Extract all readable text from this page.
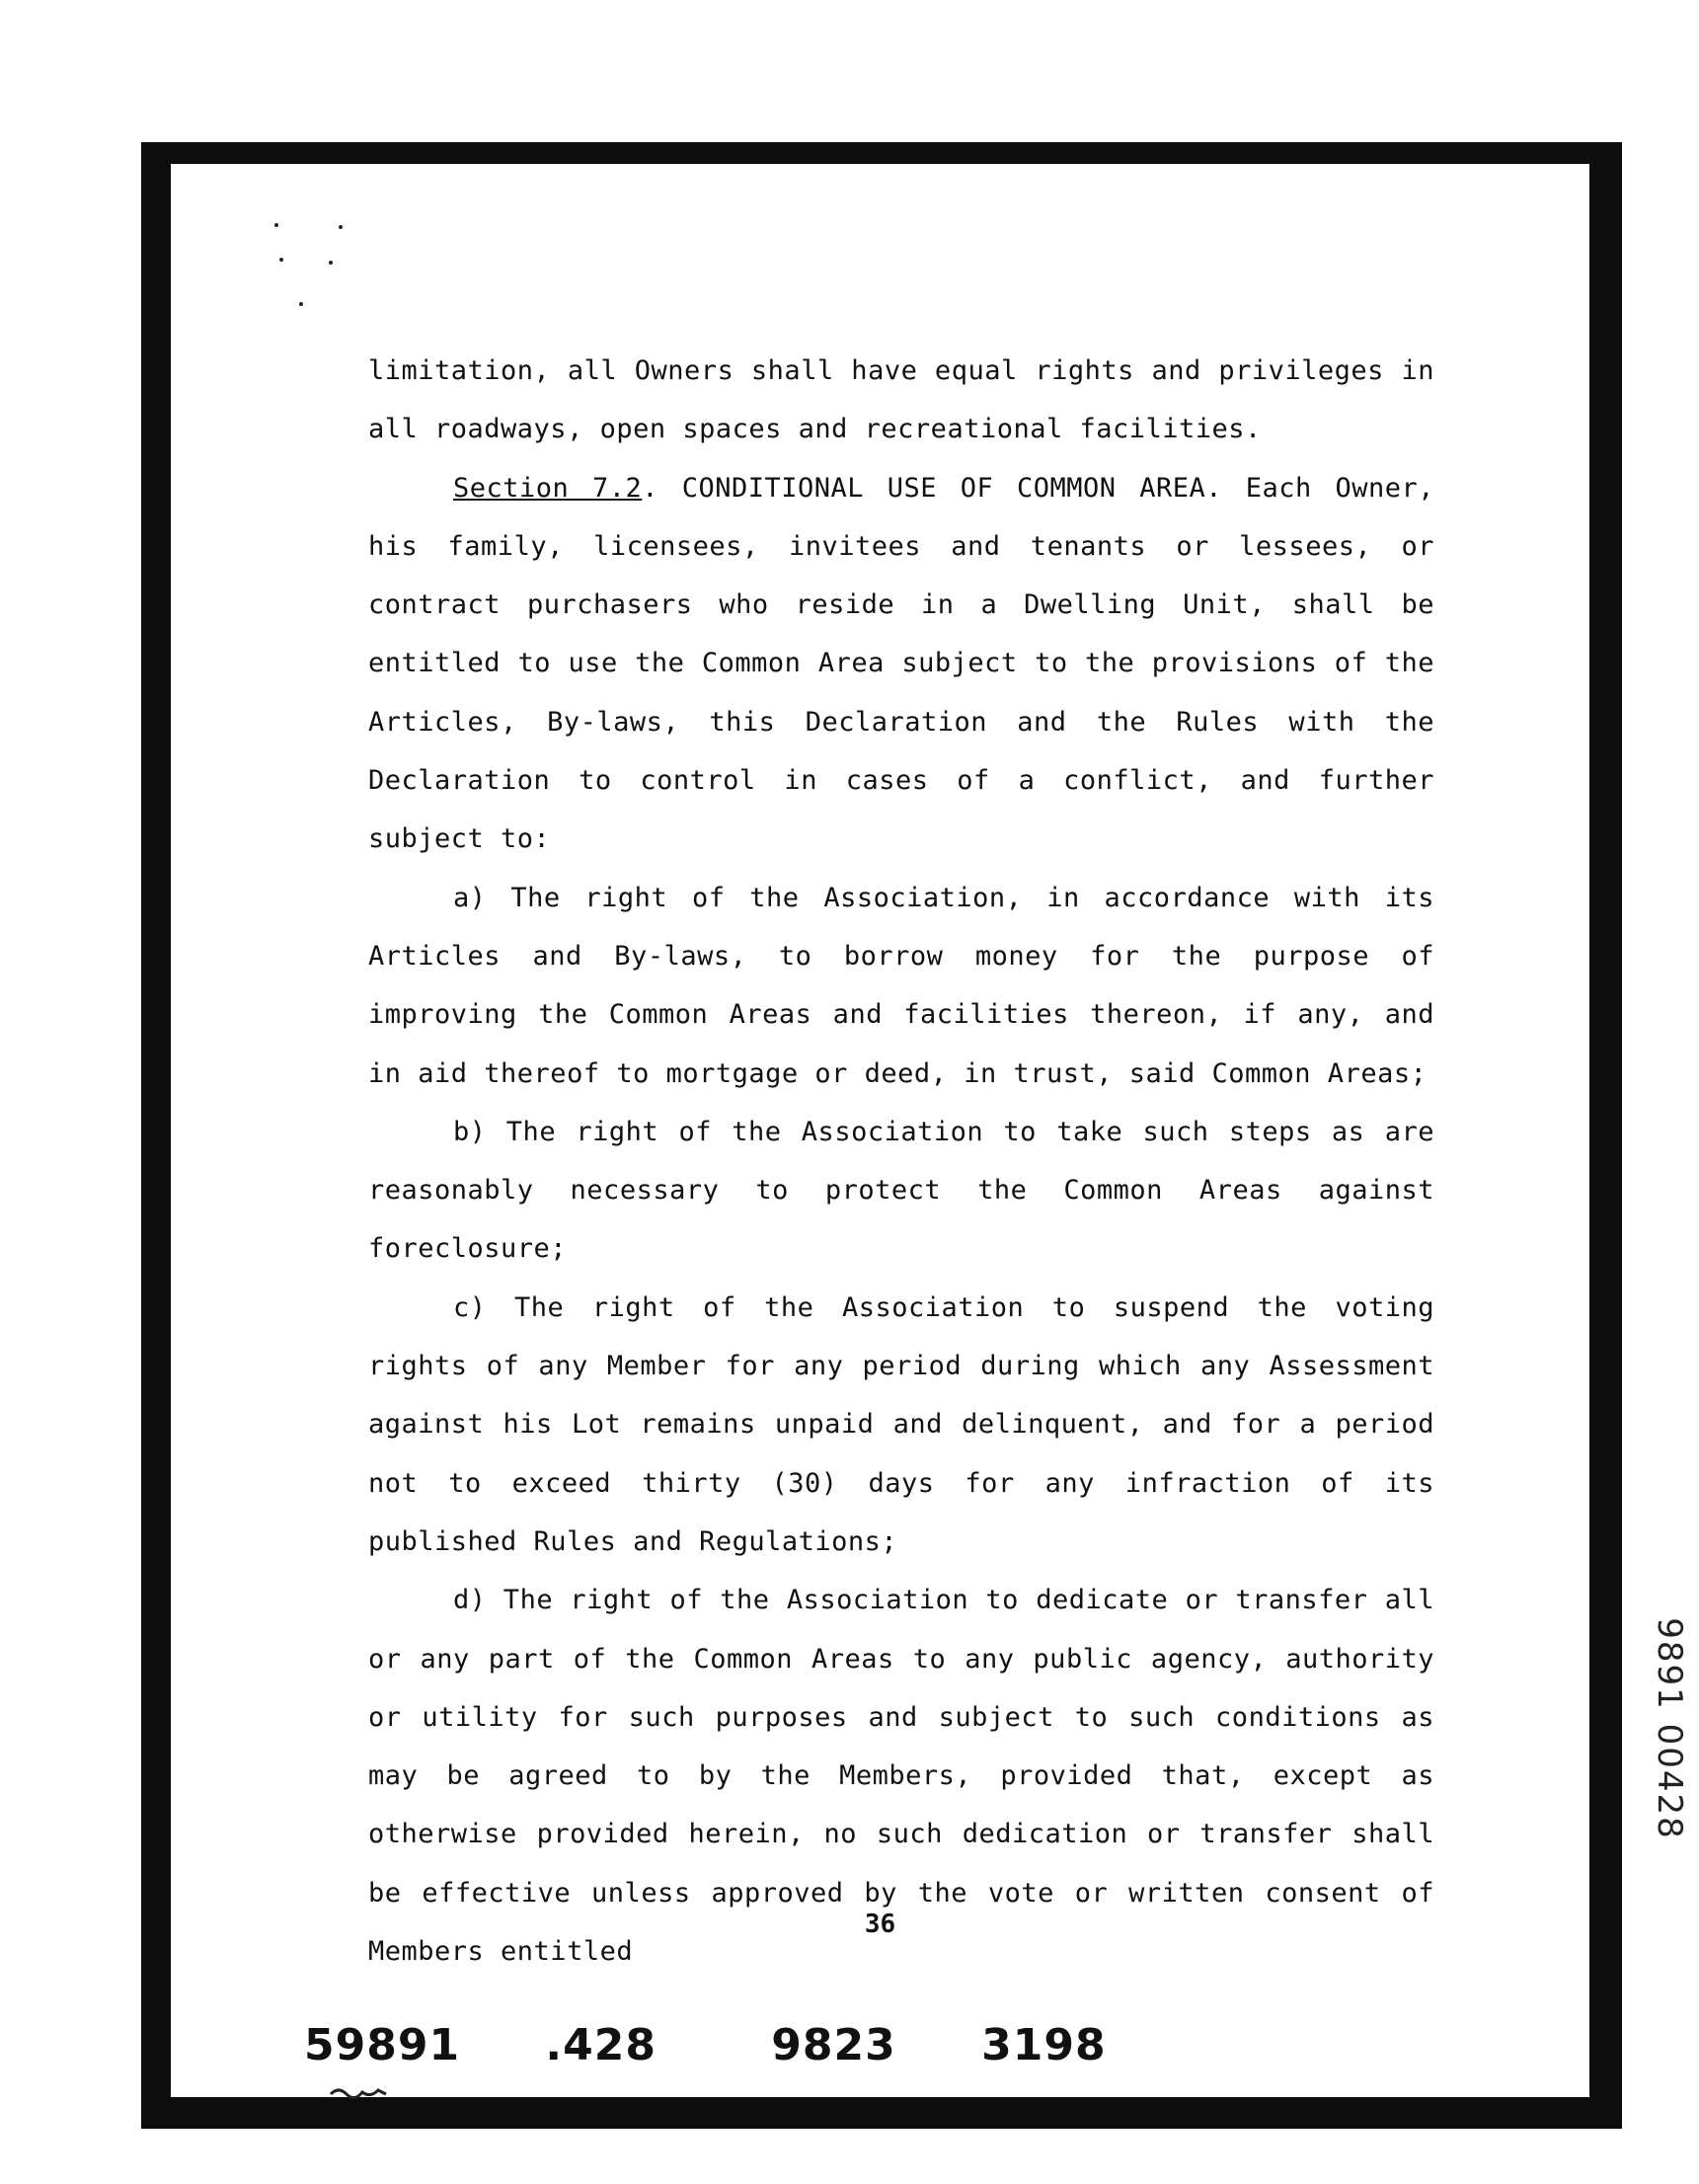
limitation, all Owners shall have equal rights and privileges in all roadways, open spaces and recreational facilities.

Section 7.2. CONDITIONAL USE OF COMMON AREA. Each Owner, his family, licensees, invitees and tenants or lessees, or contract purchasers who reside in a Dwelling Unit, shall be entitled to use the Common Area subject to the provisions of the Articles, By-laws, this Declaration and the Rules with the Declaration to control in cases of a conflict, and further subject to:

a) The right of the Association, in accordance with its Articles and By-laws, to borrow money for the purpose of improving the Common Areas and facilities thereon, if any, and in aid thereof to mortgage or deed, in trust, said Common Areas;

b) The right of the Association to take such steps as are reasonably necessary to protect the Common Areas against foreclosure;

c) The right of the Association to suspend the voting rights of any Member for any period during which any Assessment against his Lot remains unpaid and delinquent, and for a period not to exceed thirty (30) days for any infraction of its published Rules and Regulations;

d) The right of the Association to dedicate or transfer all or any part of the Common Areas to any public agency, authority or utility for such purposes and subject to such conditions as may be agreed to by the Members, provided that, except as otherwise provided herein, no such dedication or transfer shall be effective unless approved by the vote or written consent of Members entitled

36
9891 00428
59891 .428	9823 3198
